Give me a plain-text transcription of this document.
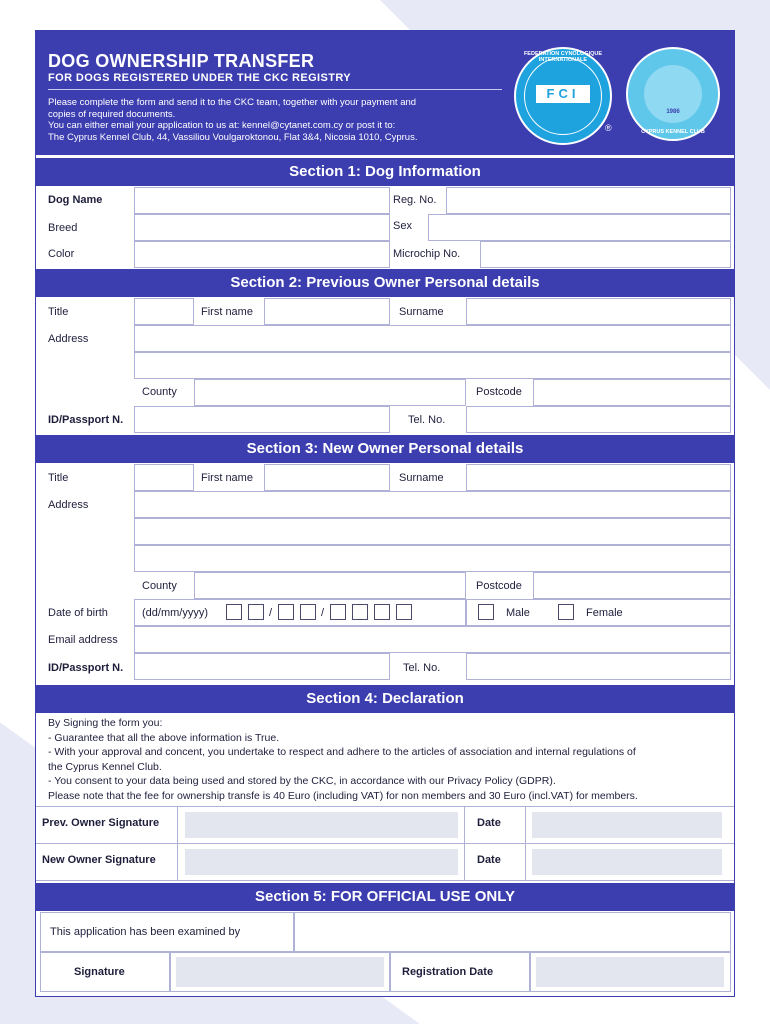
DOG OWNERSHIP TRANSFER
FOR DOGS REGISTERED UNDER THE CKC REGISTRY
Please complete the form and send it to the CKC team, together with your payment and
copies of required documents.
You can either email your application to us at: kennel@cytanet.com.cy or post it to:
The Cyprus Kennel Club, 44, Vassiliou Voulgaroktonou, Flat 3&4, Nicosia 1010, Cyprus.
FEDERATION CYNOLOGIQUE INTERNATIONALE
FCI
®	CYPRUS KENNEL CLUB
1986
Section 1: Dog Information
Dog Name	Reg. No.
Breed	Sex
Color	Microchip No.
Section 2: Previous Owner Personal details
Title	First name	Surname
Address
County	Postcode
ID/Passport N.	Tel. No.
Section 3: New Owner Personal details
Title	First name	Surname
Address
County	Postcode
Date of birth	(dd/mm/yyyy)	/	/	Male	Female
Email address
ID/Passport N.	Tel. No.
Section 4: Declaration
By Signing the form you:
- Guarantee that all the above information is True.
- With your approval and concent, you undertake to respect and adhere to the articles of association and internal regulations of
the Cyprus Kennel Club.
- You consent to your data being used and stored by the CKC, in accordance with our Privacy Policy (GDPR).
Please note that the fee for ownership transfe is 40 Euro (including VAT) for non members and 30 Euro (incl.VAT) for members.
Prev. Owner Signature	Date
New Owner Signature	Date
Section 5: FOR OFFICIAL USE ONLY
This application has been examined by
Signature	Registration Date
